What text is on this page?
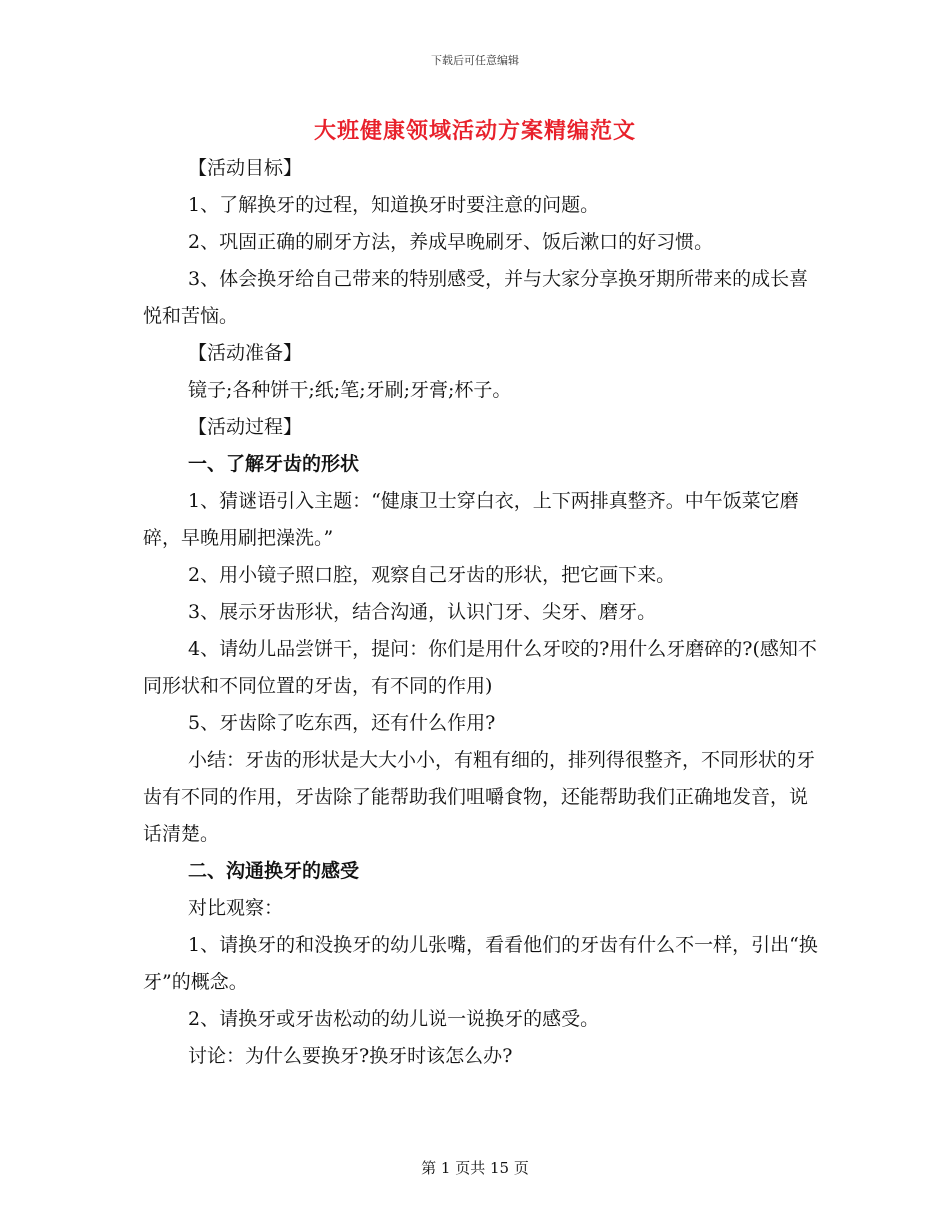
下载后可任意编辑
大班健康领域活动方案精编范文

【活动目标】

1、了解换牙的过程，知道换牙时要注意的问题。

2、巩固正确的刷牙方法，养成早晚刷牙、饭后漱口的好习惯。

3、体会换牙给自己带来的特别感受，并与大家分享换牙期所带来的成长喜悦和苦恼。

【活动准备】

镜子;各种饼干;纸;笔;牙刷;牙膏;杯子。

【活动过程】

一、了解牙齿的形状

1、猜谜语引入主题：“健康卫士穿白衣，上下两排真整齐。中午饭菜它磨碎，早晚用刷把澡洗。”

2、用小镜子照口腔，观察自己牙齿的形状，把它画下来。

3、展示牙齿形状，结合沟通，认识门牙、尖牙、磨牙。

4、请幼儿品尝饼干，提问：你们是用什么牙咬的?用什么牙磨碎的?(感知不同形状和不同位置的牙齿，有不同的作用)

5、牙齿除了吃东西，还有什么作用?

小结：牙齿的形状是大大小小，有粗有细的，排列得很整齐，不同形状的牙齿有不同的作用，牙齿除了能帮助我们咀嚼食物，还能帮助我们正确地发音，说话清楚。

二、沟通换牙的感受

对比观察：

1、请换牙的和没换牙的幼儿张嘴，看看他们的牙齿有什么不一样，引出“换牙”的概念。

2、请换牙或牙齿松动的幼儿说一说换牙的感受。

讨论：为什么要换牙?换牙时该怎么办?

第 1 页共 15 页
